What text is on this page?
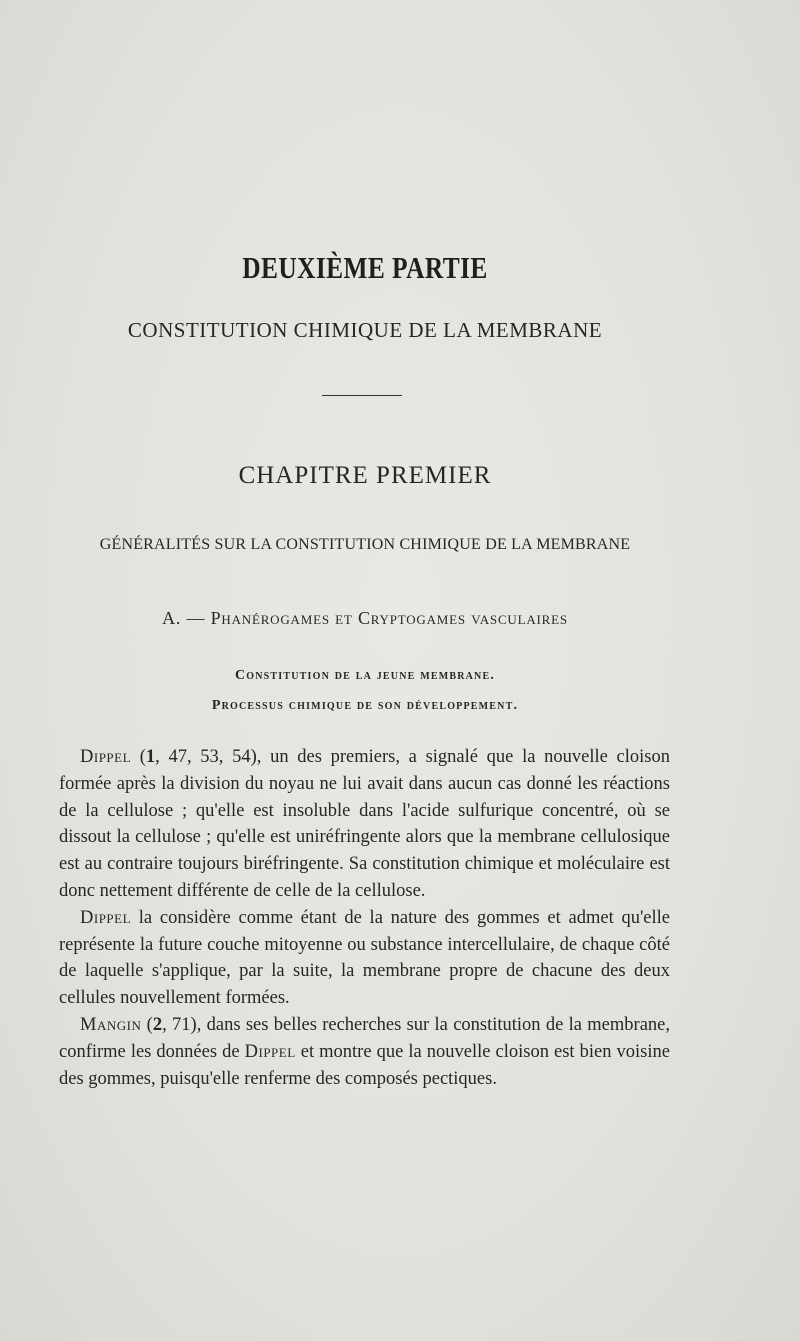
DEUXIÈME PARTIE
CONSTITUTION CHIMIQUE DE LA MEMBRANE
CHAPITRE PREMIER
GÉNÉRALITÉS SUR LA CONSTITUTION CHIMIQUE DE LA MEMBRANE
A. — Phanérogames et Cryptogames vasculaires
Constitution de la jeune membrane.
Processus chimique de son développement.

Dippel (1, 47, 53, 54), un des premiers, a signalé que la nouvelle cloison formée après la division du noyau ne lui avait dans aucun cas donné les réactions de la cellulose ; qu'elle est insoluble dans l'acide sulfurique concentré, où se dissout la cellulose ; qu'elle est uniréfringente alors que la membrane cellulosique est au contraire toujours biréfringente. Sa constitution chimique et moléculaire est donc nettement différente de celle de la cellulose.

Dippel la considère comme étant de la nature des gommes et admet qu'elle représente la future couche mitoyenne ou substance intercellulaire, de chaque côté de laquelle s'applique, par la suite, la membrane propre de chacune des deux cellules nouvellement formées.

Mangin (2, 71), dans ses belles recherches sur la constitution de la membrane, confirme les données de Dippel et montre que la nouvelle cloison est bien voisine des gommes, puisqu'elle renferme des composés pectiques.
